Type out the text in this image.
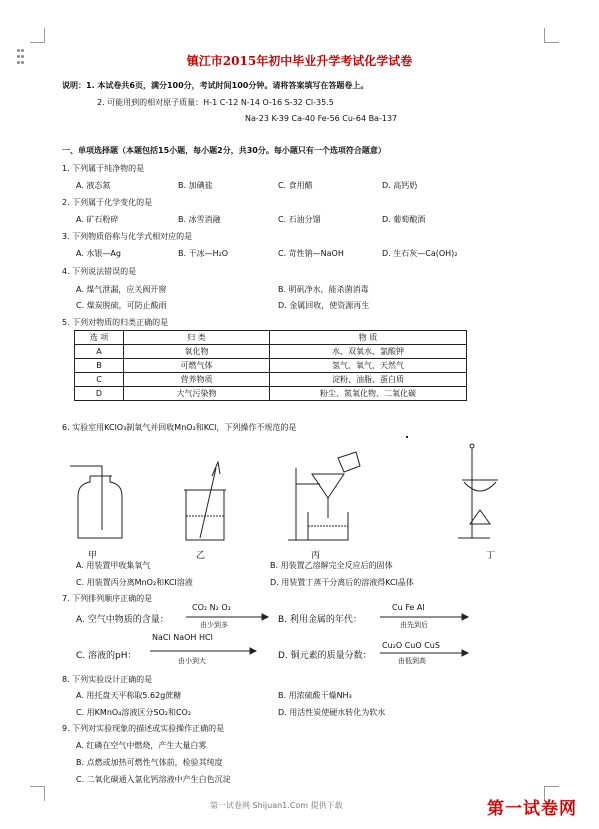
镇江市2015年初中毕业升学考试化学试卷
说明：1. 本试卷共6页，满分100分，考试时间100分钟。请将答案填写在答题卷上。
2. 可能用到的相对原子质量：H-1 C-12 N-14 O-16 S-32 Cl-35.5
Na-23 K-39 Ca-40 Fe-56 Cu-64 Ba-137
一、单项选择题（本题包括15小题，每小题2分，共30分。每小题只有一个选项符合题意）
1. 下列属于纯净物的是
A. 液态氮	B. 加碘盐	C. 食用醋	D. 高钙奶
2. 下列属于化学变化的是
A. 矿石粉碎	B. 冰雪消融	C. 石油分馏	D. 葡萄酿酒
3. 下列物质俗称与化学式相对应的是
A. 水银—Ag	B. 干冰—H₂O	C. 苛性钠—NaOH	D. 生石灰—Ca(OH)₂
4. 下列说法错误的是
A. 煤气泄漏，应关阀开窗	B. 明矾净水，能杀菌消毒
C. 煤炭脱硫，可防止酸雨	D. 金属回收，使资源再生
5. 下列对物质的归类正确的是
选 项	归 类	物 质
A	氧化物	水、双氧水、氯酸钾
B	可燃气体	氢气、氧气、天然气
C	营养物质	淀粉、油脂、蛋白质
D	大气污染物	粉尘、氮氧化物、二氧化碳
6. 实验室用KClO₃制氧气并回收MnO₂和KCl，下列操作不规范的是
甲	乙	丙	丁
A. 用装置甲收集氧气	B. 用装置乙溶解完全反应后的固体
C. 用装置丙分离MnO₂和KCl溶液	D. 用装置丁蒸干分离后的溶液得KCl晶体
7. 下列排列顺序正确的是
A. 空气中物质的含量：
CO₂ N₂ O₂
由少到多	B. 利用金属的年代：
Cu Fe Al
由先到后
C. 溶液的pH：
NaCl NaOH HCl
由小到大	D. 铜元素的质量分数：
Cu₂O CuO CuS
由低到高
8. 下列实验设计正确的是
A. 用托盘天平称取5.62g蔗糖	B. 用浓硫酸干燥NH₃
C. 用KMnO₄溶液区分SO₂和CO₂	D. 用活性炭使硬水转化为软水
9. 下列对实验现象的描述或实验操作正确的是
A. 红磷在空气中燃烧，产生大量白雾
B. 点燃或加热可燃性气体前，检验其纯度
C. 二氧化碳通入氯化钙溶液中产生白色沉淀
第一试卷网 Shijuan1.Com 提供下载	第一试卷网
